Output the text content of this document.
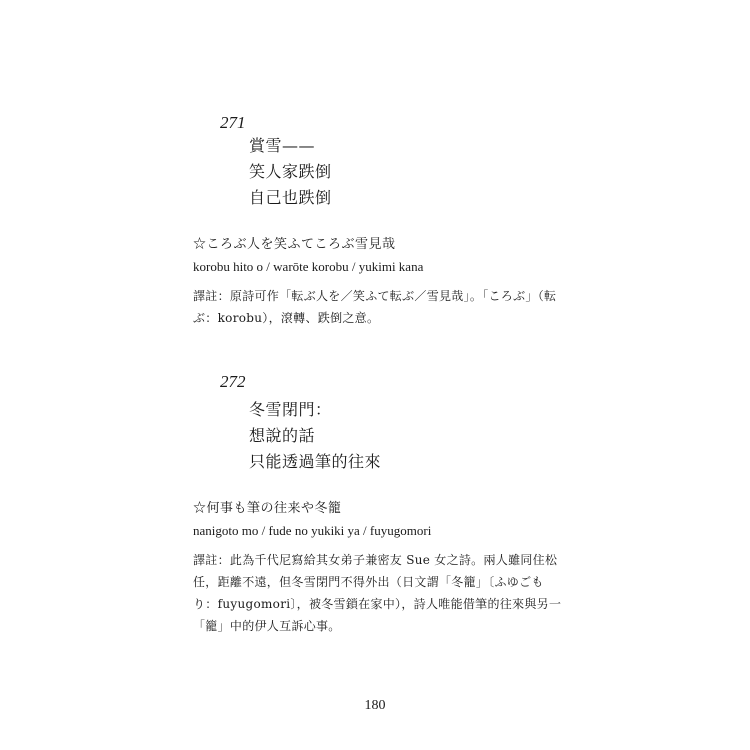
271
賞雪——
笑人家跌倒
自己也跌倒
☆ころぶ人を笑ふてころぶ雪見哉
korobu hito o / warōte korobu / yukimi kana
譯註：原詩可作「転ぶ人を／笑ふて転ぶ／雪見哉」。「ころぶ」（転ぶ：korobu），滾轉、跌倒之意。
272
冬雪閉門：
想說的話
只能透過筆的往來
☆何事も筆の往来や冬籠
nanigoto mo / fude no yukiki ya / fuyugomori
譯註：此為千代尼寫給其女弟子兼密友 Sue 女之詩。兩人雖同住松任，距離不遠，但冬雪閉門不得外出（日文謂「冬籠」〔ふゆごもり：fuyugomori〕，被冬雪鎖在家中），詩人唯能借筆的往來與另一「籠」中的伊人互訴心事。
180
